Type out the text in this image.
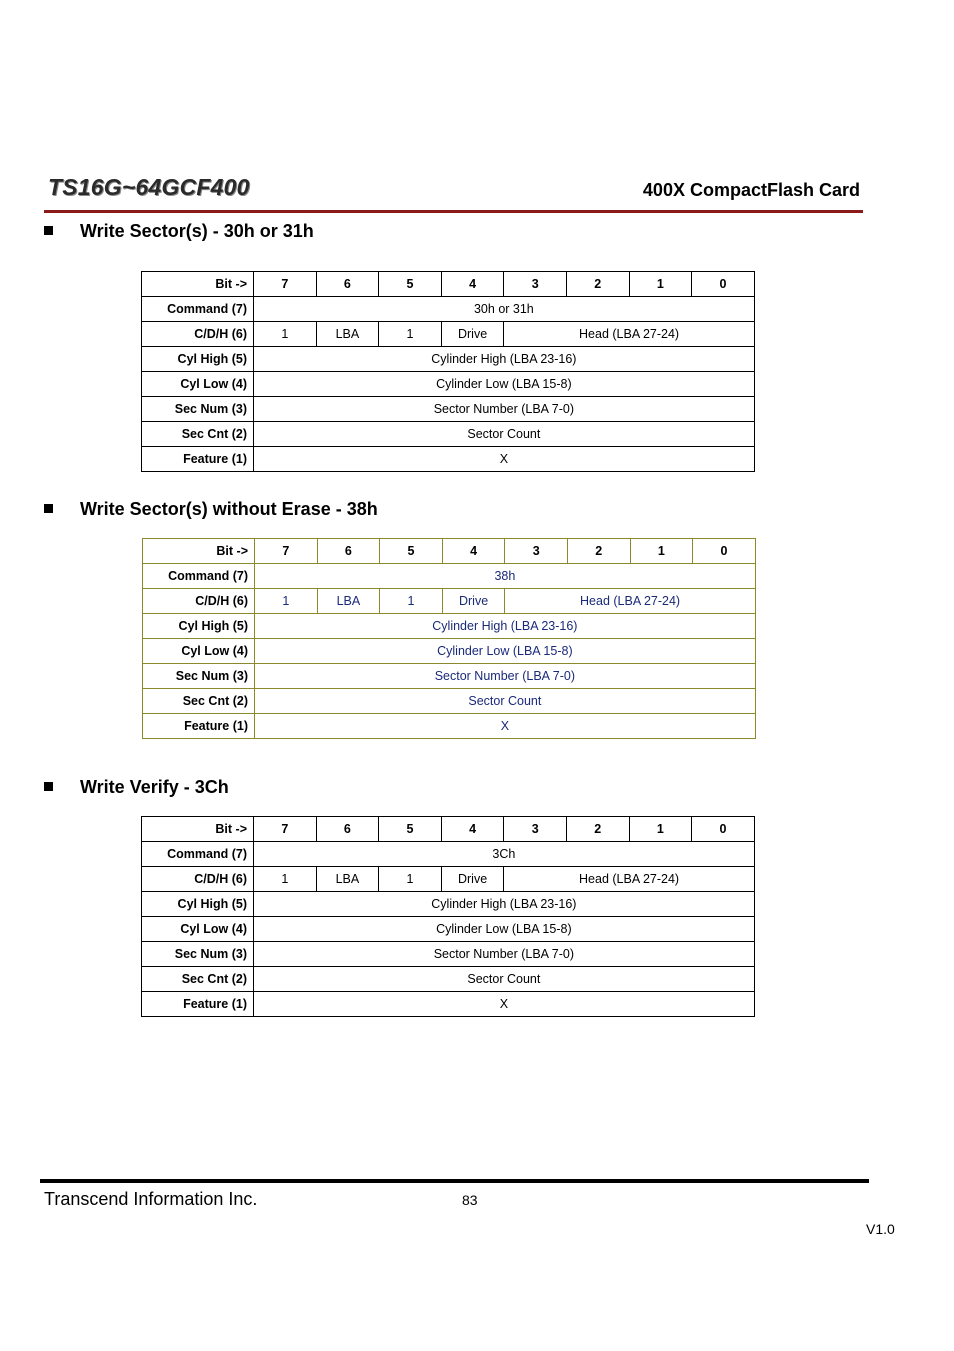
TS16G~64GCF400	400X CompactFlash Card
Write Sector(s) - 30h or 31h
Bit ->	7	6	5	4	3	2	1	0
Command (7)	30h or 31h							
C/D/H (6)	1	LBA	1	Drive	Head (LBA 27-24)			
Cyl High (5)	Cylinder High (LBA 23-16)							
Cyl Low (4)	Cylinder Low (LBA 15-8)							
Sec Num (3)	Sector Number (LBA 7-0)							
Sec Cnt (2)	Sector Count							
Feature (1)	X							
Write Sector(s) without Erase - 38h
Bit ->	7	6	5	4	3	2	1	0
Command (7)	38h							
C/D/H (6)	1	LBA	1	Drive	Head (LBA 27-24)			
Cyl High (5)	Cylinder High (LBA 23-16)							
Cyl Low (4)	Cylinder Low (LBA 15-8)							
Sec Num (3)	Sector Number (LBA 7-0)							
Sec Cnt (2)	Sector Count							
Feature (1)	X							
Write Verify - 3Ch
Bit ->	7	6	5	4	3	2	1	0
Command (7)	3Ch							
C/D/H (6)	1	LBA	1	Drive	Head (LBA 27-24)			
Cyl High (5)	Cylinder High (LBA 23-16)							
Cyl Low (4)	Cylinder Low (LBA 15-8)							
Sec Num (3)	Sector Number (LBA 7-0)							
Sec Cnt (2)	Sector Count							
Feature (1)	X							
Transcend Information Inc.	83
V1.0
